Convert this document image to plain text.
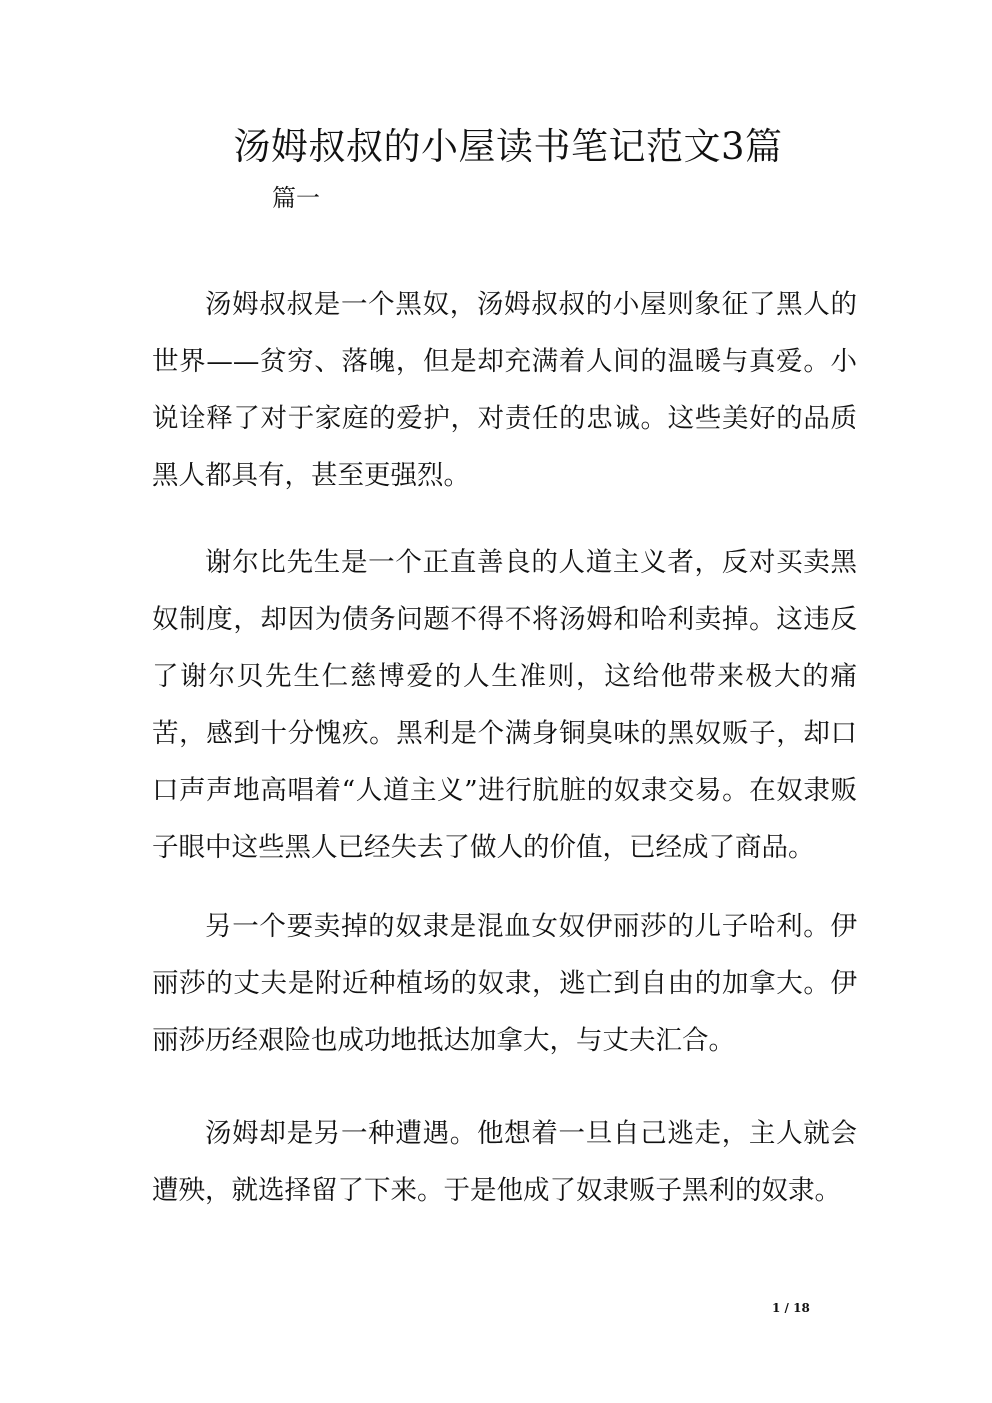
汤姆叔叔的小屋读书笔记范文3篇

篇一

汤姆叔叔是一个黑奴，汤姆叔叔的小屋则象征了黑人的世界——贫穷、落魄，但是却充满着人间的温暖与真爱。小说诠释了对于家庭的爱护，对责任的忠诚。这些美好的品质黑人都具有，甚至更强烈。

谢尔比先生是一个正直善良的人道主义者，反对买卖黑奴制度，却因为债务问题不得不将汤姆和哈利卖掉。这违反了谢尔贝先生仁慈博爱的人生准则，这给他带来极大的痛苦，感到十分愧疚。黑利是个满身铜臭味的黑奴贩子，却口口声声地高唱着“人道主义”进行肮脏的奴隶交易。在奴隶贩子眼中这些黑人已经失去了做人的价值，已经成了商品。

另一个要卖掉的奴隶是混血女奴伊丽莎的儿子哈利。伊丽莎的丈夫是附近种植场的奴隶，逃亡到自由的加拿大。伊丽莎历经艰险也成功地抵达加拿大，与丈夫汇合。

汤姆却是另一种遭遇。他想着一旦自己逃走，主人就会遭殃，就选择留了下来。于是他成了奴隶贩子黑利的奴隶。

1 / 18
